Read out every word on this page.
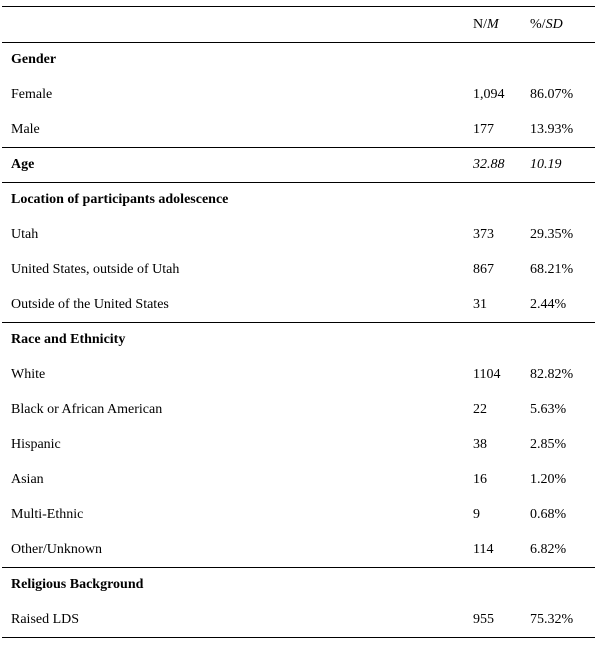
	N/M	%/SD
Gender		
Female	1,094	86.07%
Male	177	13.93%
Age	32.88	10.19
Location of participants adolescence		
Utah	373	29.35%
United States, outside of Utah	867	68.21%
Outside of the United States	31	2.44%
Race and Ethnicity		
White	1104	82.82%
Black or African American	22	5.63%
Hispanic	38	2.85%
Asian	16	1.20%
Multi-Ethnic	9	0.68%
Other/Unknown	114	6.82%
Religious Background		
Raised LDS	955	75.32%
